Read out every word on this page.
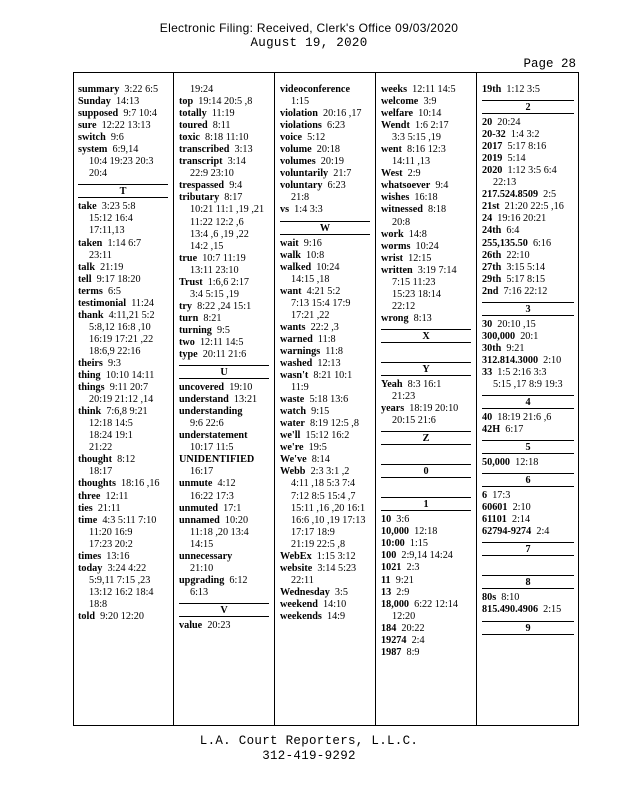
Electronic Filing: Received, Clerk's Office 09/03/2020
August 19, 2020
Page 28

summary 3:22 6:5

Sunday 14:13

supposed 9:7 10:4

sure 12:22 13:13

switch 9:6

system 6:9,14

10:4 19:23 20:3

20:4

T

take 3:23 5:8

15:12 16:4

17:11,13

taken 1:14 6:7

23:11

talk 21:19

tell 9:17 18:20

terms 6:5

testimonial 11:24

thank 4:11,21 5:2

5:8,12 16:8 ,10

16:19 17:21 ,22

18:6,9 22:16

theirs 9:3

thing 10:10 14:11

things 9:11 20:7

20:19 21:12 ,14

think 7:6,8 9:21

12:18 14:5

18:24 19:1

21:22

thought 8:12

18:17

thoughts 18:16 ,16

three 12:11

ties 21:11

time 4:3 5:11 7:10

11:20 16:9

17:23 20:2

times 13:16

today 3:24 4:22

5:9,11 7:15 ,23

13:12 16:2 18:4

18:8

told 9:20 12:20

19:24

top 19:14 20:5 ,8

totally 11:19

toured 8:11

toxic 8:18 11:10

transcribed 3:13

transcript 3:14

22:9 23:10

trespassed 9:4

tributary 8:17

10:21 11:1 ,19 ,21

11:22 12:2 ,6

13:4 ,6 ,19 ,22

14:2 ,15

true 10:7 11:19

13:11 23:10

Trust 1:6,6 2:17

3:4 5:15 ,19

try 8:22 ,24 15:1

turn 8:21

turning 9:5

two 12:11 14:5

type 20:11 21:6

U

uncovered 19:10

understand 13:21

understanding

9:6 22:6

understatement

10:17 11:5

UNIDENTIFIED

16:17

unmute 4:12

16:22 17:3

unmuted 17:1

unnamed 10:20

11:18 ,20 13:4

14:15

unnecessary

21:10

upgrading 6:12

6:13

V

value 20:23

videoconference

1:15

violation 20:16 ,17

violations 6:23

voice 5:12

volume 20:18

volumes 20:19

voluntarily 21:7

voluntary 6:23

21:8

vs 1:4 3:3

W

wait 9:16

walk 10:8

walked 10:24

14:15 ,18

want 4:21 5:2

7:13 15:4 17:9

17:21 ,22

wants 22:2 ,3

warned 11:8

warnings 11:8

washed 12:13

wasn't 8:21 10:1

11:9

waste 5:18 13:6

watch 9:15

water 8:19 12:5 ,8

we'll 15:12 16:2

we're 19:5

We've 8:14

Webb 2:3 3:1 ,2

4:11 ,18 5:3 7:4

7:12 8:5 15:4 ,7

15:11 ,16 ,20 16:1

16:6 ,10 ,19 17:13

17:17 18:9

21:19 22:5 ,8

WebEx 1:15 3:12

website 3:14 5:23

22:11

Wednesday 3:5

weekend 14:10

weekends 14:9

weeks 12:11 14:5

welcome 3:9

welfare 10:14

Wendt 1:6 2:17

3:3 5:15 ,19

went 8:16 12:3

14:11 ,13

West 2:9

whatsoever 9:4

wishes 16:18

witnessed 8:18

20:8

work 14:8

worms 10:24

wrist 12:15

written 3:19 7:14

7:15 11:23

15:23 18:14

22:12

wrong 8:13

X

Y

Yeah 8:3 16:1

21:23

years 18:19 20:10

20:15 21:6

Z

0

1

10 3:6

10,000 12:18

10:00 1:15

100 2:9,14 14:24

1021 2:3

11 9:21

13 2:9

18,000 6:22 12:14

12:20

184 20:22

19274 2:4

1987 8:9

19th 1:12 3:5

2

20 20:24

20-32 1:4 3:2

2017 5:17 8:16

2019 5:14

2020 1:12 3:5 6:4

22:13

217.524.8509 2:5

21st 21:20 22:5 ,16

24 19:16 20:21

24th 6:4

255,135.50 6:16

26th 22:10

27th 3:15 5:14

29th 5:17 8:15

2nd 7:16 22:12

3

30 20:10 ,15

300,000 20:1

30th 9:21

312.814.3000 2:10

33 1:5 2:16 3:3

5:15 ,17 8:9 19:3

4

40 18:19 21:6 ,6

42H 6:17

5

50,000 12:18

6

6 17:3

60601 2:10

61101 2:14

62794-9274 2:4

7

8

80s 8:10

815.490.4906 2:15

9
L.A. Court Reporters, L.L.C.
312-419-9292
